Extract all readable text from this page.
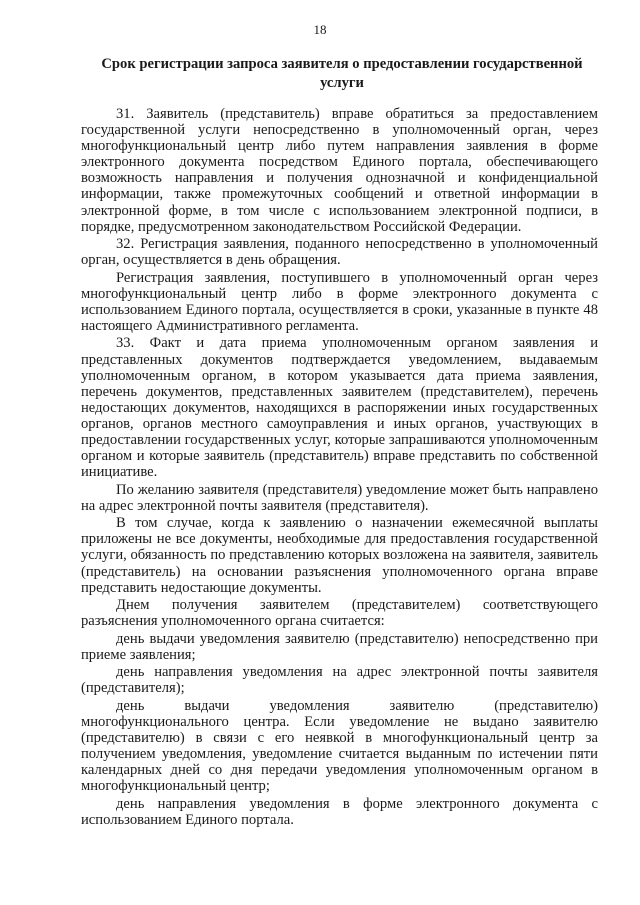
18
Срок регистрации запроса заявителя о предоставлении государственной услуги

31. Заявитель (представитель) вправе обратиться за предоставлением государственной услуги непосредственно в уполномоченный орган, через многофункциональный центр либо путем направления заявления в форме электронного документа посредством Единого портала, обеспечивающего возможность направления и получения однозначной и конфиденциальной информации, также промежуточных сообщений и ответной информации в электронной форме, в том числе с использованием электронной подписи, в порядке, предусмотренном законодательством Российской Федерации.

32. Регистрация заявления, поданного непосредственно в уполномоченный орган, осуществляется в день обращения.

Регистрация заявления, поступившего в уполномоченный орган через многофункциональный центр либо в форме электронного документа с использованием Единого портала, осуществляется в сроки, указанные в пункте 48 настоящего Административного регламента.

33. Факт и дата приема уполномоченным органом заявления и представленных документов подтверждается уведомлением, выдаваемым уполномоченным органом, в котором указывается дата приема заявления, перечень документов, представленных заявителем (представителем), перечень недостающих документов, находящихся в распоряжении иных государственных органов, органов местного самоуправления и иных органов, участвующих в предоставлении государственных услуг, которые запрашиваются уполномоченным органом и которые заявитель (представитель) вправе представить по собственной инициативе.

По желанию заявителя (представителя) уведомление может быть направлено на адрес электронной почты заявителя (представителя).

В том случае, когда к заявлению о назначении ежемесячной выплаты приложены не все документы, необходимые для предоставления государственной услуги, обязанность по представлению которых возложена на заявителя, заявитель (представитель) на основании разъяснения уполномоченного органа вправе представить недостающие документы.

Днем получения заявителем (представителем) соответствующего разъяснения уполномоченного органа считается:

день выдачи уведомления заявителю (представителю) непосредственно при приеме заявления;

день направления уведомления на адрес электронной почты заявителя (представителя);

день выдачи уведомления заявителю (представителю) многофункционального центра. Если уведомление не выдано заявителю (представителю) в связи с его неявкой в многофункциональный центр за получением уведомления, уведомление считается выданным по истечении пяти календарных дней со дня передачи уведомления уполномоченным органом в многофункциональный центр;

день направления уведомления в форме электронного документа с использованием Единого портала.
